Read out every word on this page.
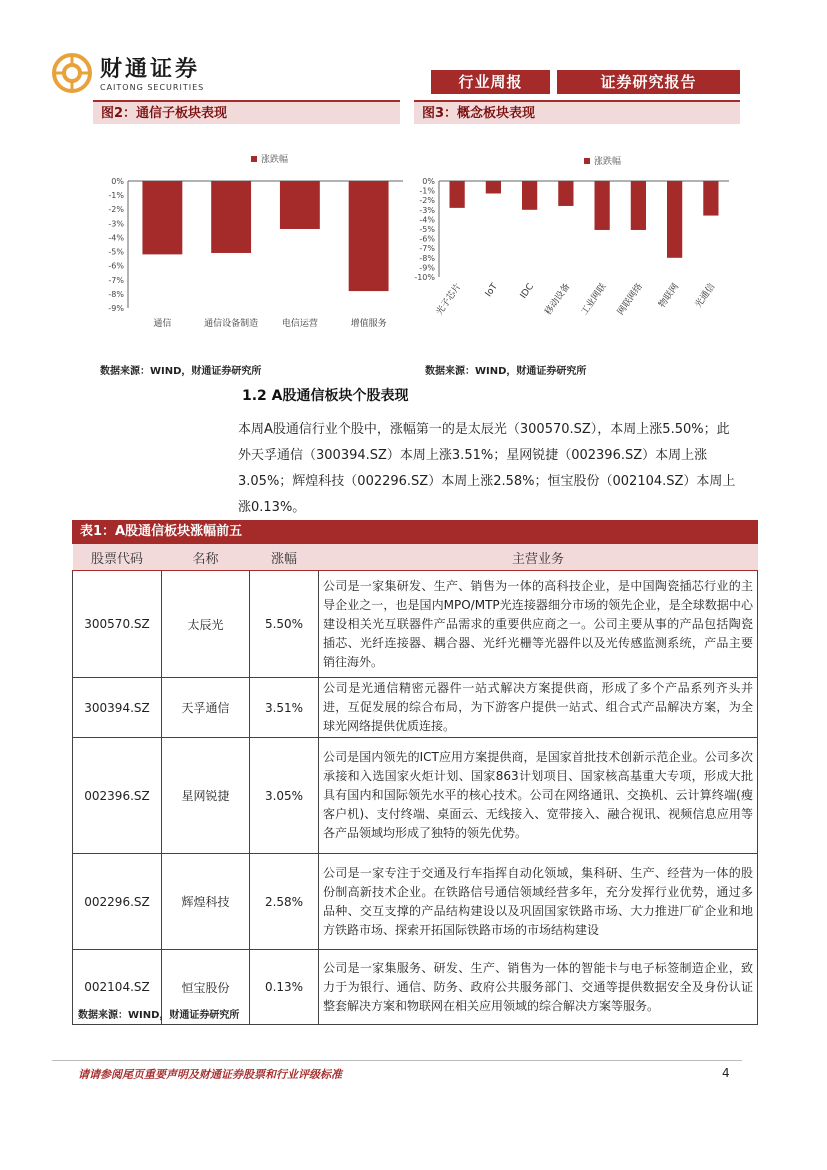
财通证券
CAITONG SECURITIES	行业周报	证券研究报告
图2：通信子板块表现	图3：概念板块表现
涨跌幅
0%
-1%
-2%
-3%
-4%
-5%
-6%
-7%
-8%
-9%
通信	通信设备制造	电信运营	增值服务
涨跌幅
0%
-1%
-2%
-3%
-4%
-5%
-6%
-7%
-8%
-9%
-10%
光子芯片 IoT IDC 移动设备 工业网联 网联网络 物联网 光通信
数据来源：WIND，财通证券研究所	数据来源：WIND，财通证券研究所
1.2 A股通信板块个股表现
本周A股通信行业个股中，涨幅第一的是太辰光（300570.SZ），本周上涨5.50%；此外天孚通信（300394.SZ）本周上涨3.51%；星网锐捷（002396.SZ）本周上涨3.05%；辉煌科技（002296.SZ）本周上涨2.58%；恒宝股份（002104.SZ）本周上涨0.13%。
表1：A股通信板块涨幅前五
股票代码	名称	涨幅	主营业务
300570.SZ	太辰光	5.50%	公司是一家集研发、生产、销售为一体的高科技企业，是中国陶瓷插芯行业的主导企业之一，也是国内MPO/MTP光连接器细分市场的领先企业，是全球数据中心建设相关光互联器件产品需求的重要供应商之一。公司主要从事的产品包括陶瓷插芯、光纤连接器、耦合器、光纤光栅等光器件以及光传感监测系统，产品主要销往海外。
300394.SZ	天孚通信	3.51%	公司是光通信精密元器件一站式解决方案提供商，形成了多个产品系列齐头并进，互促发展的综合布局，为下游客户提供一站式、组合式产品解决方案，为全球光网络提供优质连接。
002396.SZ	星网锐捷	3.05%	公司是国内领先的ICT应用方案提供商，是国家首批技术创新示范企业。公司多次承接和入选国家火炬计划、国家863计划项目、国家核高基重大专项，形成大批具有国内和国际领先水平的核心技术。公司在网络通讯、交换机、云计算终端(瘦客户机)、支付终端、桌面云、无线接入、宽带接入、融合视讯、视频信息应用等各产品领域均形成了独特的领先优势。
002296.SZ	辉煌科技	2.58%	公司是一家专注于交通及行车指挥自动化领域，集科研、生产、经营为一体的股份制高新技术企业。在铁路信号通信领域经营多年，充分发挥行业优势，通过多品种、交互支撑的产品结构建设以及巩固国家铁路市场、大力推进厂矿企业和地方铁路市场、探索开拓国际铁路市场的市场结构建设
002104.SZ	恒宝股份	0.13%	公司是一家集服务、研发、生产、销售为一体的智能卡与电子标签制造企业，致力于为银行、通信、防务、政府公共服务部门、交通等提供数据安全及身份认证整套解决方案和物联网在相关应用领域的综合解决方案等服务。
数据来源：WIND，财通证券研究所
请请参阅尾页重要声明及财通证券股票和行业评级标准	4
